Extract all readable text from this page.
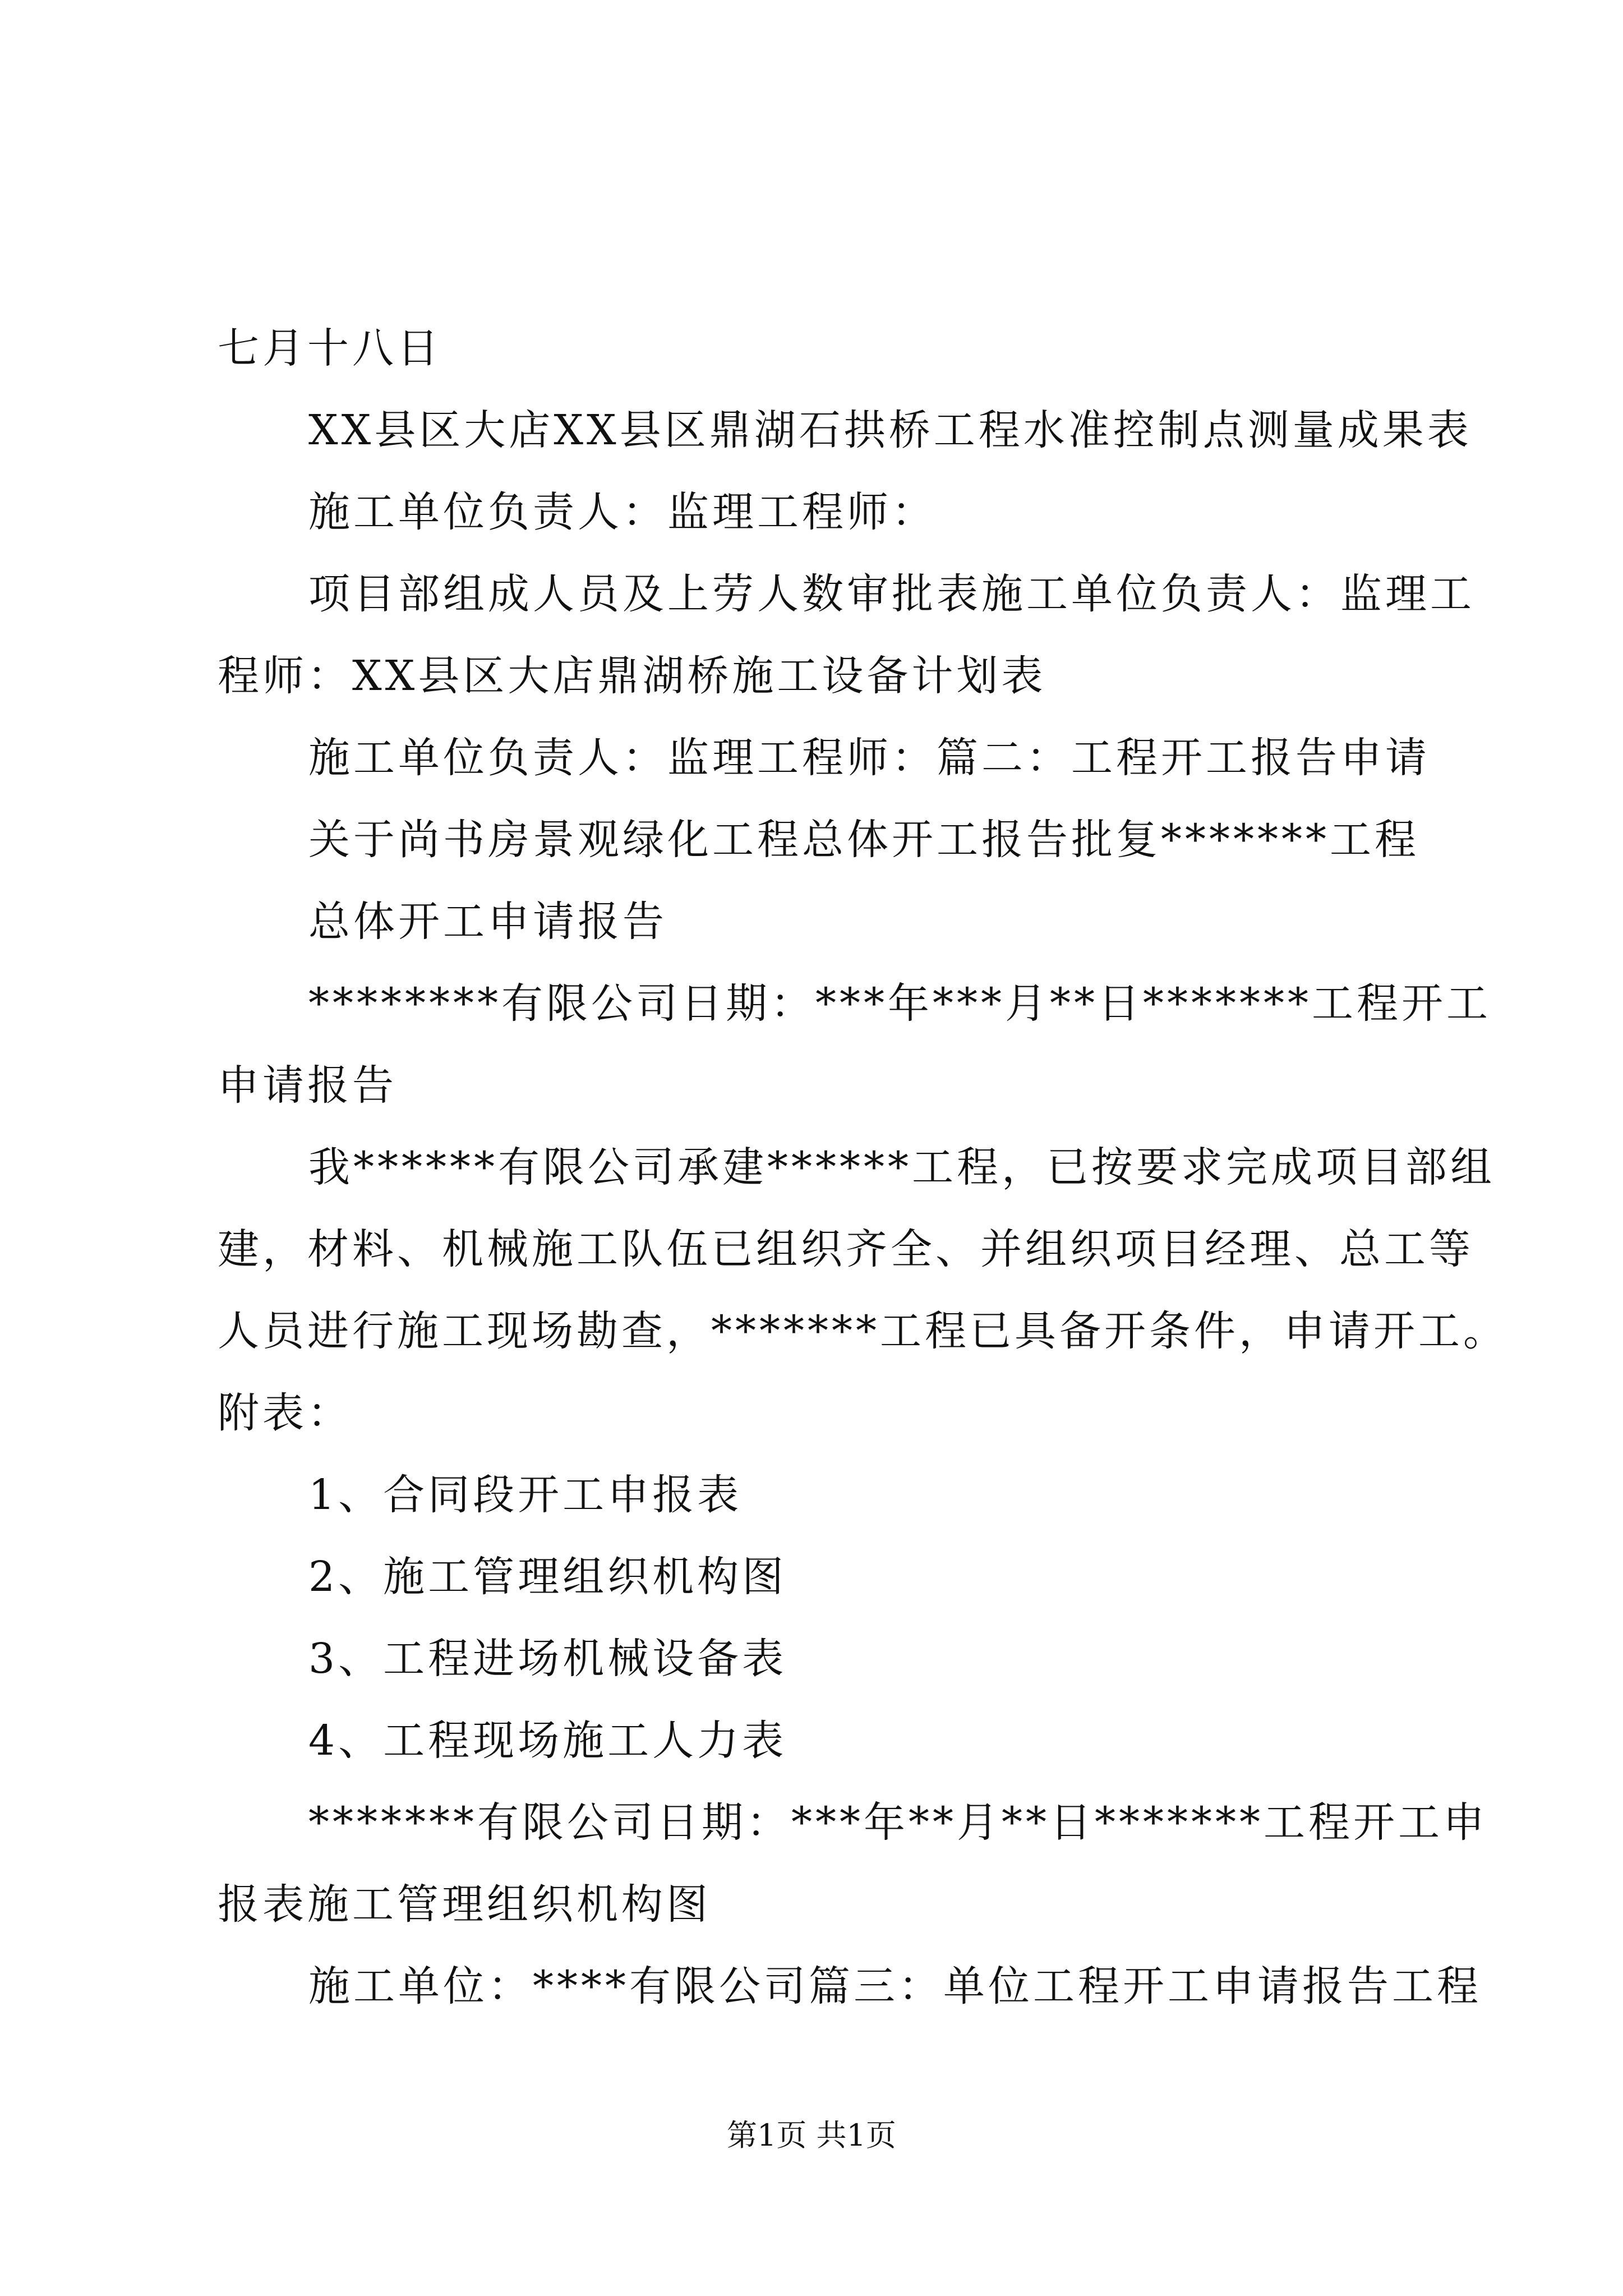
七月十八日
XX县区大店XX县区鼎湖石拱桥工程水准控制点测量成果表
施工单位负责人：监理工程师：
项目部组成人员及上劳人数审批表施工单位负责人：监理工
程师：XX县区大店鼎湖桥施工设备计划表
施工单位负责人：监理工程师：篇二：工程开工报告申请
关于尚书房景观绿化工程总体开工报告批复*******工程
总体开工申请报告
********有限公司日期：***年***月**日*******工程开工
申请报告
我******有限公司承建******工程，已按要求完成项目部组
建，材料、机械施工队伍已组织齐全、并组织项目经理、总工等
人员进行施工现场勘查，*******工程已具备开条件，申请开工。
附表：
1、合同段开工申报表
2、施工管理组织机构图
3、工程进场机械设备表
4、工程现场施工人力表
*******有限公司日期：***年**月**日*******工程开工申
报表施工管理组织机构图
施工单位：****有限公司篇三：单位工程开工申请报告工程
第1页 共1页
